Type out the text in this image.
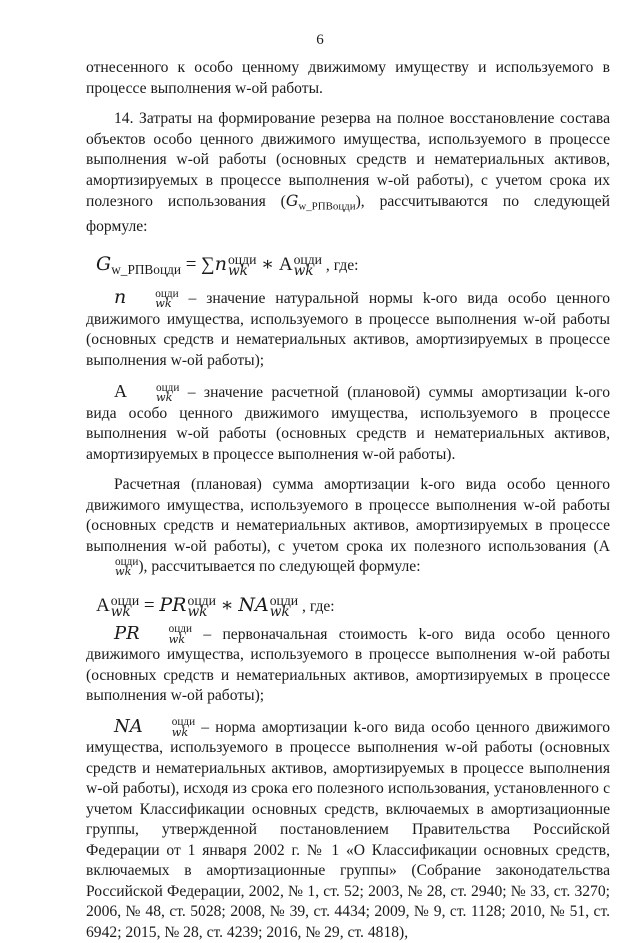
6

отнесенного к особо ценному движимому имуществу и используемого в процессе выполнения w-ой работы.

14. Затраты на формирование резерва на полное восстановление состава объектов особо ценного движимого имущества, используемого в процессе выполнения w-ой работы (основных средств и нематериальных активов, амортизируемых в процессе выполнения w-ой работы), с учетом срока их полезного использования $(G_{w\_РПВоцди})$, рассчитываются по следующей формуле:

$G_{w\_РПВоцди} = \sum n$ оцди
wk ∗ А оцди
wk , где:

n	оцди
wk – значение натуральной нормы k-ого вида особо ценного движимого имущества, используемого в процессе выполнения w-ой работы (основных средств и нематериальных активов, амортизируемых в процессе выполнения w-ой работы);

А	оцди
wk – значение расчетной (плановой) суммы амортизации k-ого вида особо ценного движимого имущества, используемого в процессе выполнения w-ой работы (основных средств и нематериальных активов, амортизируемых в процессе выполнения w-ой работы).

Расчетная (плановая) сумма амортизации k-ого вида особо ценного движимого имущества, используемого в процессе выполнения w-ой работы (основных средств и нематериальных активов, амортизируемых в процессе выполнения w-ой работы), с учетом срока их полезного использования (А
оцди
wk ), рассчитывается по следующей формуле:

А оцди
wk = PR оцди
wk ∗ NA оцди
wk , где:

PR	оцди
wk – первоначальная стоимость k-ого вида особо ценного движимого имущества, используемого в процессе выполнения w-ой работы (основных средств и нематериальных активов, амортизируемых в процессе выполнения w-ой работы);

NA	оцди
wk – норма амортизации k-ого вида особо ценного движимого имущества, используемого в процессе выполнения w-ой работы (основных средств и нематериальных активов, амортизируемых в процессе выполнения w-ой работы), исходя из срока его полезного использования, установленного с учетом Классификации основных средств, включаемых в амортизационные группы, утвержденной постановлением Правительства Российской Федерации от 1 января 2002 г. № 1 «О Классификации основных средств, включаемых в амортизационные группы» (Собрание законодательства Российской Федерации, 2002, № 1, ст. 52; 2003, № 28, ст. 2940; № 33, ст. 3270; 2006, № 48, ст. 5028; 2008, № 39, ст. 4434; 2009, № 9, ст. 1128; 2010, № 51, ст. 6942; 2015, № 28, ст. 4239; 2016, № 29, ст. 4818),
